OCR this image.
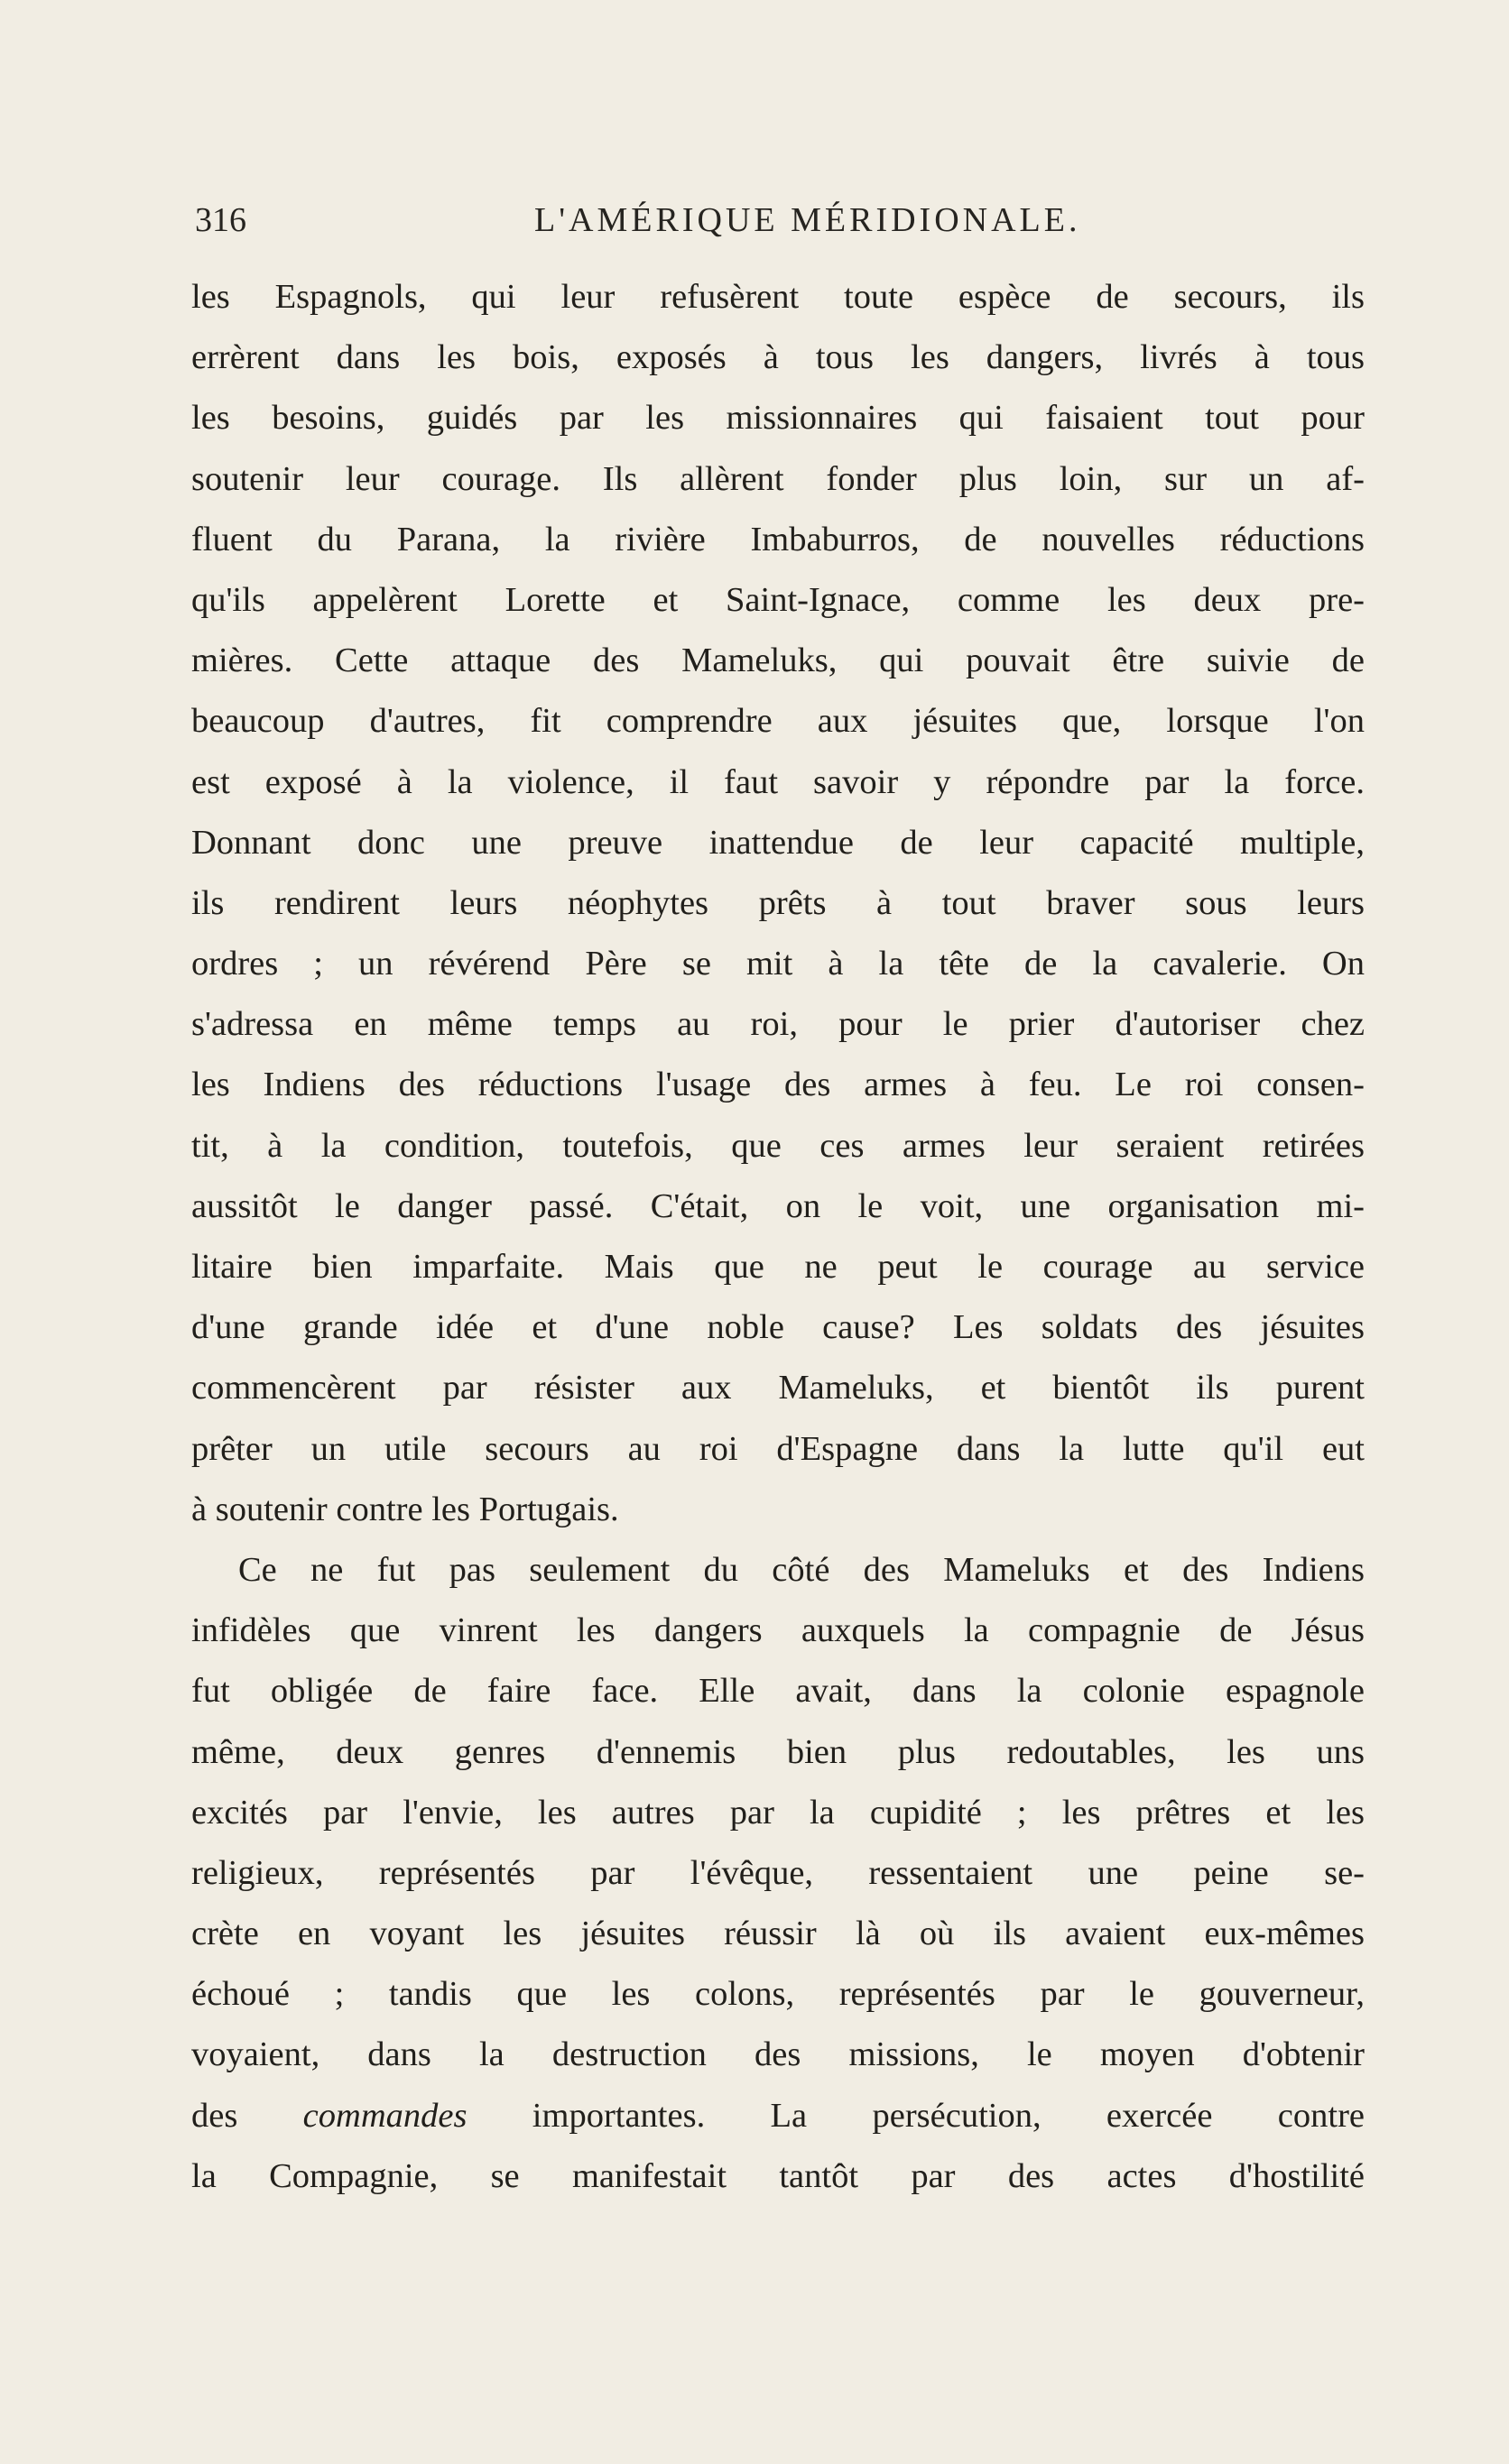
316	L'AMÉRIQUE MÉRIDIONALE.
les Espagnols, qui leur refusèrent toute espèce de secours, ils
errèrent dans les bois, exposés à tous les dangers, livrés à tous
les besoins, guidés par les missionnaires qui faisaient tout pour
soutenir leur courage. Ils allèrent fonder plus loin, sur un af-
fluent du Parana, la rivière Imbaburros, de nouvelles réductions
qu'ils appelèrent Lorette et Saint-Ignace, comme les deux pre-
mières. Cette attaque des Mameluks, qui pouvait être suivie de
beaucoup d'autres, fit comprendre aux jésuites que, lorsque l'on
est exposé à la violence, il faut savoir y répondre par la force.
Donnant donc une preuve inattendue de leur capacité multiple,
ils rendirent leurs néophytes prêts à tout braver sous leurs
ordres ; un révérend Père se mit à la tête de la cavalerie. On
s'adressa en même temps au roi, pour le prier d'autoriser chez
les Indiens des réductions l'usage des armes à feu. Le roi consen-
tit, à la condition, toutefois, que ces armes leur seraient retirées
aussitôt le danger passé. C'était, on le voit, une organisation mi-
litaire bien imparfaite. Mais que ne peut le courage au service
d'une grande idée et d'une noble cause? Les soldats des jésuites
commencèrent par résister aux Mameluks, et bientôt ils purent
prêter un utile secours au roi d'Espagne dans la lutte qu'il eut
à soutenir contre les Portugais.
Ce ne fut pas seulement du côté des Mameluks et des Indiens
infidèles que vinrent les dangers auxquels la compagnie de Jésus
fut obligée de faire face. Elle avait, dans la colonie espagnole
même, deux genres d'ennemis bien plus redoutables, les uns
excités par l'envie, les autres par la cupidité ; les prêtres et les
religieux, représentés par l'évêque, ressentaient une peine se-
crète en voyant les jésuites réussir là où ils avaient eux-mêmes
échoué ; tandis que les colons, représentés par le gouverneur,
voyaient, dans la destruction des missions, le moyen d'obtenir
des commandes importantes. La persécution, exercée contre
la Compagnie, se manifestait tantôt par des actes d'hostilité
